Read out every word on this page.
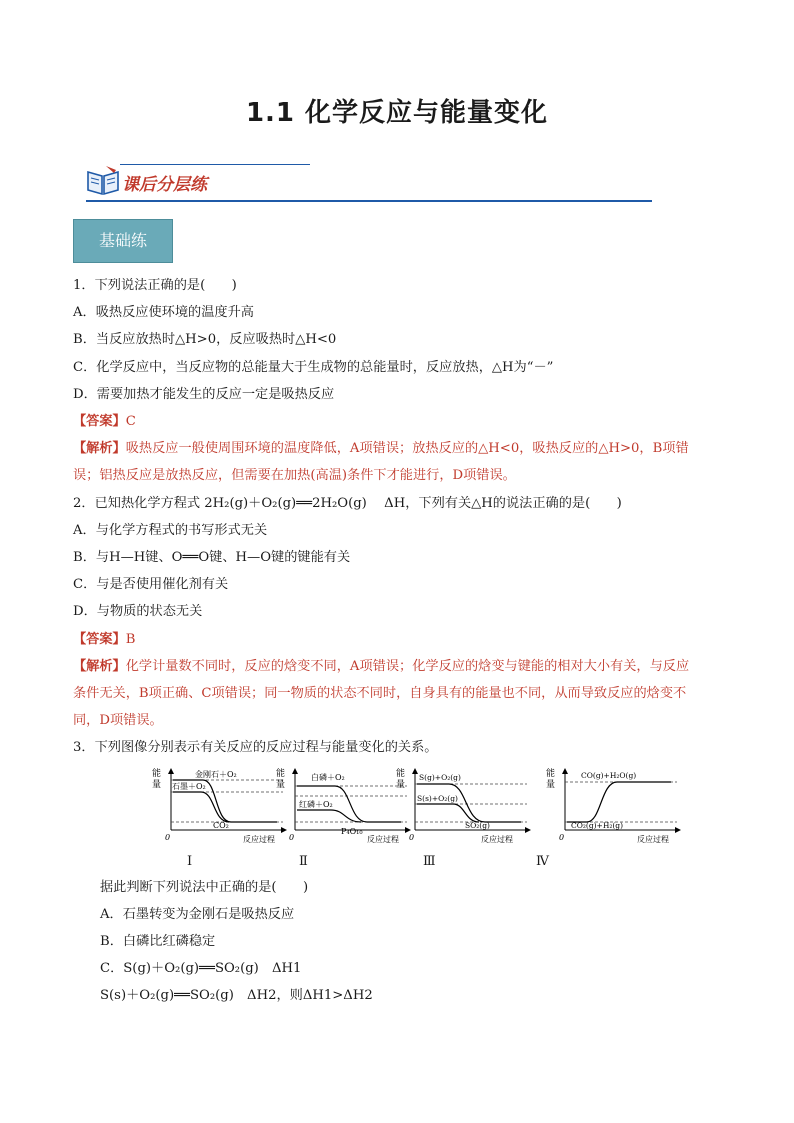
1.1 化学反应与能量变化
课后分层练
基础练
1．下列说法正确的是(　　)
A．吸热反应使环境的温度升高
B．当反应放热时△H>0，反应吸热时△H<0
C．化学反应中，当反应物的总能量大于生成物的总能量时，反应放热，△H为“－”
D．需要加热才能发生的反应一定是吸热反应
【答案】C
【解析】吸热反应一般使周围环境的温度降低，A项错误；放热反应的△H<0，吸热反应的△H>0，B项错
误；铝热反应是放热反应，但需要在加热(高温)条件下才能进行，D项错误。
2．已知热化学方程式 2H₂(g)＋O₂(g)══2H₂O(g)　 ΔH，下列有关△H的说法正确的是(　　)
A．与化学方程式的书写形式无关
B．与H—H键、O══O键、H—O键的键能有关
C．与是否使用催化剂有关
D．与物质的状态无关
【答案】B
【解析】化学计量数不同时，反应的焓变不同，A项错误；化学反应的焓变与键能的相对大小有关，与反应
条件无关，B项正确、C项错误；同一物质的状态不同时，自身具有的能量也不同，从而导致反应的焓变不
同，D项错误。
3．下列图像分别表示有关反应的反应过程与能量变化的关系。
能
量
金刚石＋O₂
石墨＋O₂
CO₂
0	反应过程
Ⅰ
能
量
白磷＋O₂
红磷＋O₂
P₄O₁₀
0	反应过程
Ⅱ
能
量
S(g)+O₂(g)
S(s)+O₂(g)
SO₂(g)
0	反应过程
Ⅲ
能
量
CO(g)+H₂O(g)
CO₂(g)+H₂(g)
0	反应过程
Ⅳ
据此判断下列说法中正确的是(　　)
A．石墨转变为金刚石是吸热反应
B．白磷比红磷稳定
C．S(g)＋O₂(g)══SO₂(g)　ΔH1
S(s)＋O₂(g)══SO₂(g)　ΔH2，则ΔH1>ΔH2
